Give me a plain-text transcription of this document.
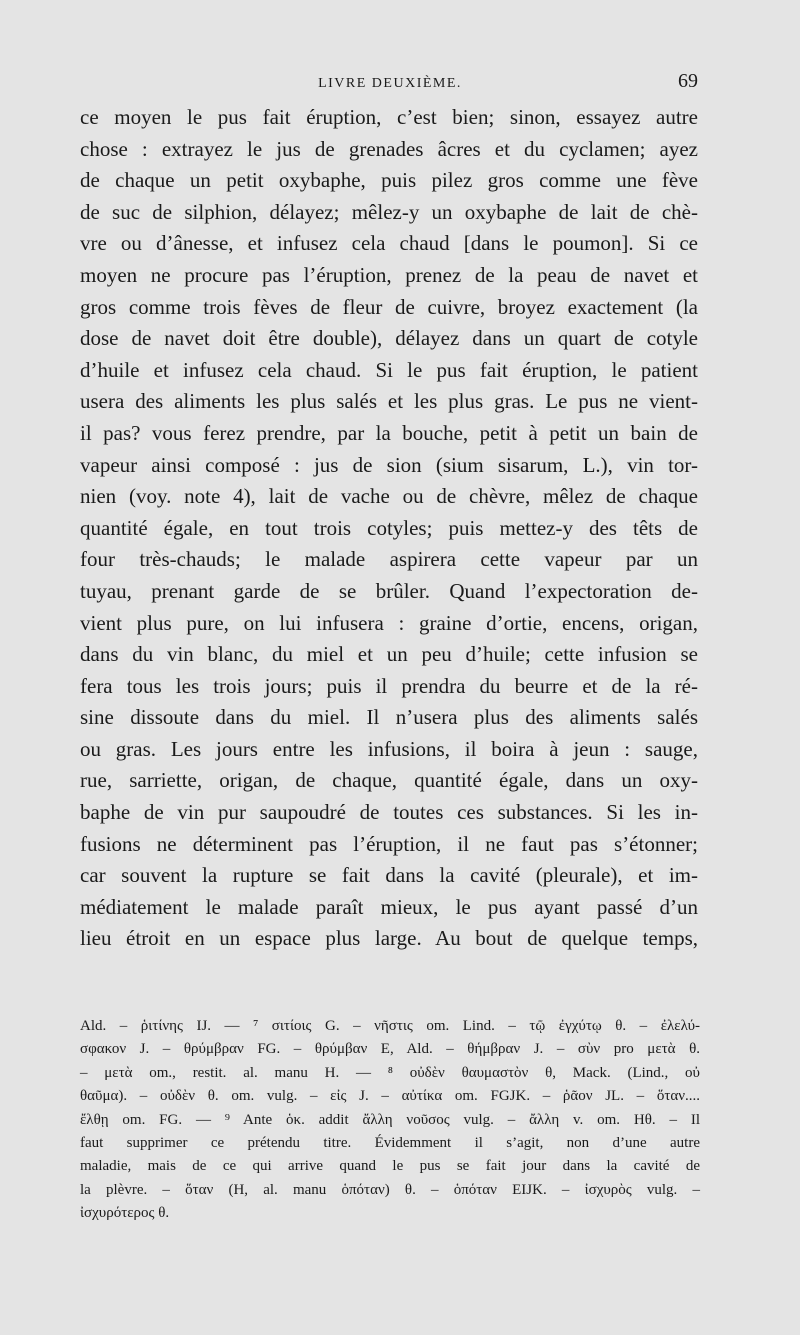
LIVRE DEUXIÈME.	69
ce moyen le pus fait éruption, c’est bien; sinon, essayez autre
chose : extrayez le jus de grenades âcres et du cyclamen; ayez
de chaque un petit oxybaphe, puis pilez gros comme une fève
de suc de silphion, délayez; mêlez-y un oxybaphe de lait de chè-
vre ou d’ânesse, et infusez cela chaud [dans le poumon]. Si ce
moyen ne procure pas l’éruption, prenez de la peau de navet et
gros comme trois fèves de fleur de cuivre, broyez exactement (la
dose de navet doit être double), délayez dans un quart de cotyle
d’huile et infusez cela chaud. Si le pus fait éruption, le patient
usera des aliments les plus salés et les plus gras. Le pus ne vient-
il pas? vous ferez prendre, par la bouche, petit à petit un bain de
vapeur ainsi composé : jus de sion (sium sisarum, L.), vin tor-
nien (voy. note 4), lait de vache ou de chèvre, mêlez de chaque
quantité égale, en tout trois cotyles; puis mettez-y des têts de
four très-chauds; le malade aspirera cette vapeur par un
tuyau, prenant garde de se brûler. Quand l’expectoration de-
vient plus pure, on lui infusera : graine d’ortie, encens, origan,
dans du vin blanc, du miel et un peu d’huile; cette infusion se
fera tous les trois jours; puis il prendra du beurre et de la ré-
sine dissoute dans du miel. Il n’usera plus des aliments salés
ou gras. Les jours entre les infusions, il boira à jeun : sauge,
rue, sarriette, origan, de chaque, quantité égale, dans un oxy-
baphe de vin pur saupoudré de toutes ces substances. Si les in-
fusions ne déterminent pas l’éruption, il ne faut pas s’étonner;
car souvent la rupture se fait dans la cavité (pleurale), et im-
médiatement le malade paraît mieux, le pus ayant passé d’un
lieu étroit en un espace plus large. Au bout de quelque temps,
Ald. – ῥιτίνης IJ. — ⁷ σιτίοις G. – νῆστις om. Lind. – τῷ ἐγχύτῳ θ. – ἐλελύ-
σφακον J. – θρύμβραν FG. – θρύμβαν E, Ald. – θήμβραν J. – σὺν pro μετὰ θ.
– μετὰ om., restit. al. manu H. — ⁸ οὐδὲν θαυμαστὸν θ, Mack. (Lind., οὐ
θαῦμα). – οὐδὲν θ. om. vulg. – εἰς J. – αὐτίκα om. FGJK. – ῥᾶον JL. – ὅταν....
ἔλθῃ om. FG. — ⁹ Ante ὁκ. addit ἄλλη νοῦσος vulg. – ἄλλη v. om. Hθ. – Il
faut supprimer ce prétendu titre. Évidemment il s’agit, non d’une autre
maladie, mais de ce qui arrive quand le pus se fait jour dans la cavité de
la plèvre. – ὅταν (H, al. manu ὁπόταν) θ. – ὁπόταν EIJK. – ἰσχυρὸς vulg. –
ἰσχυρότερος θ.
